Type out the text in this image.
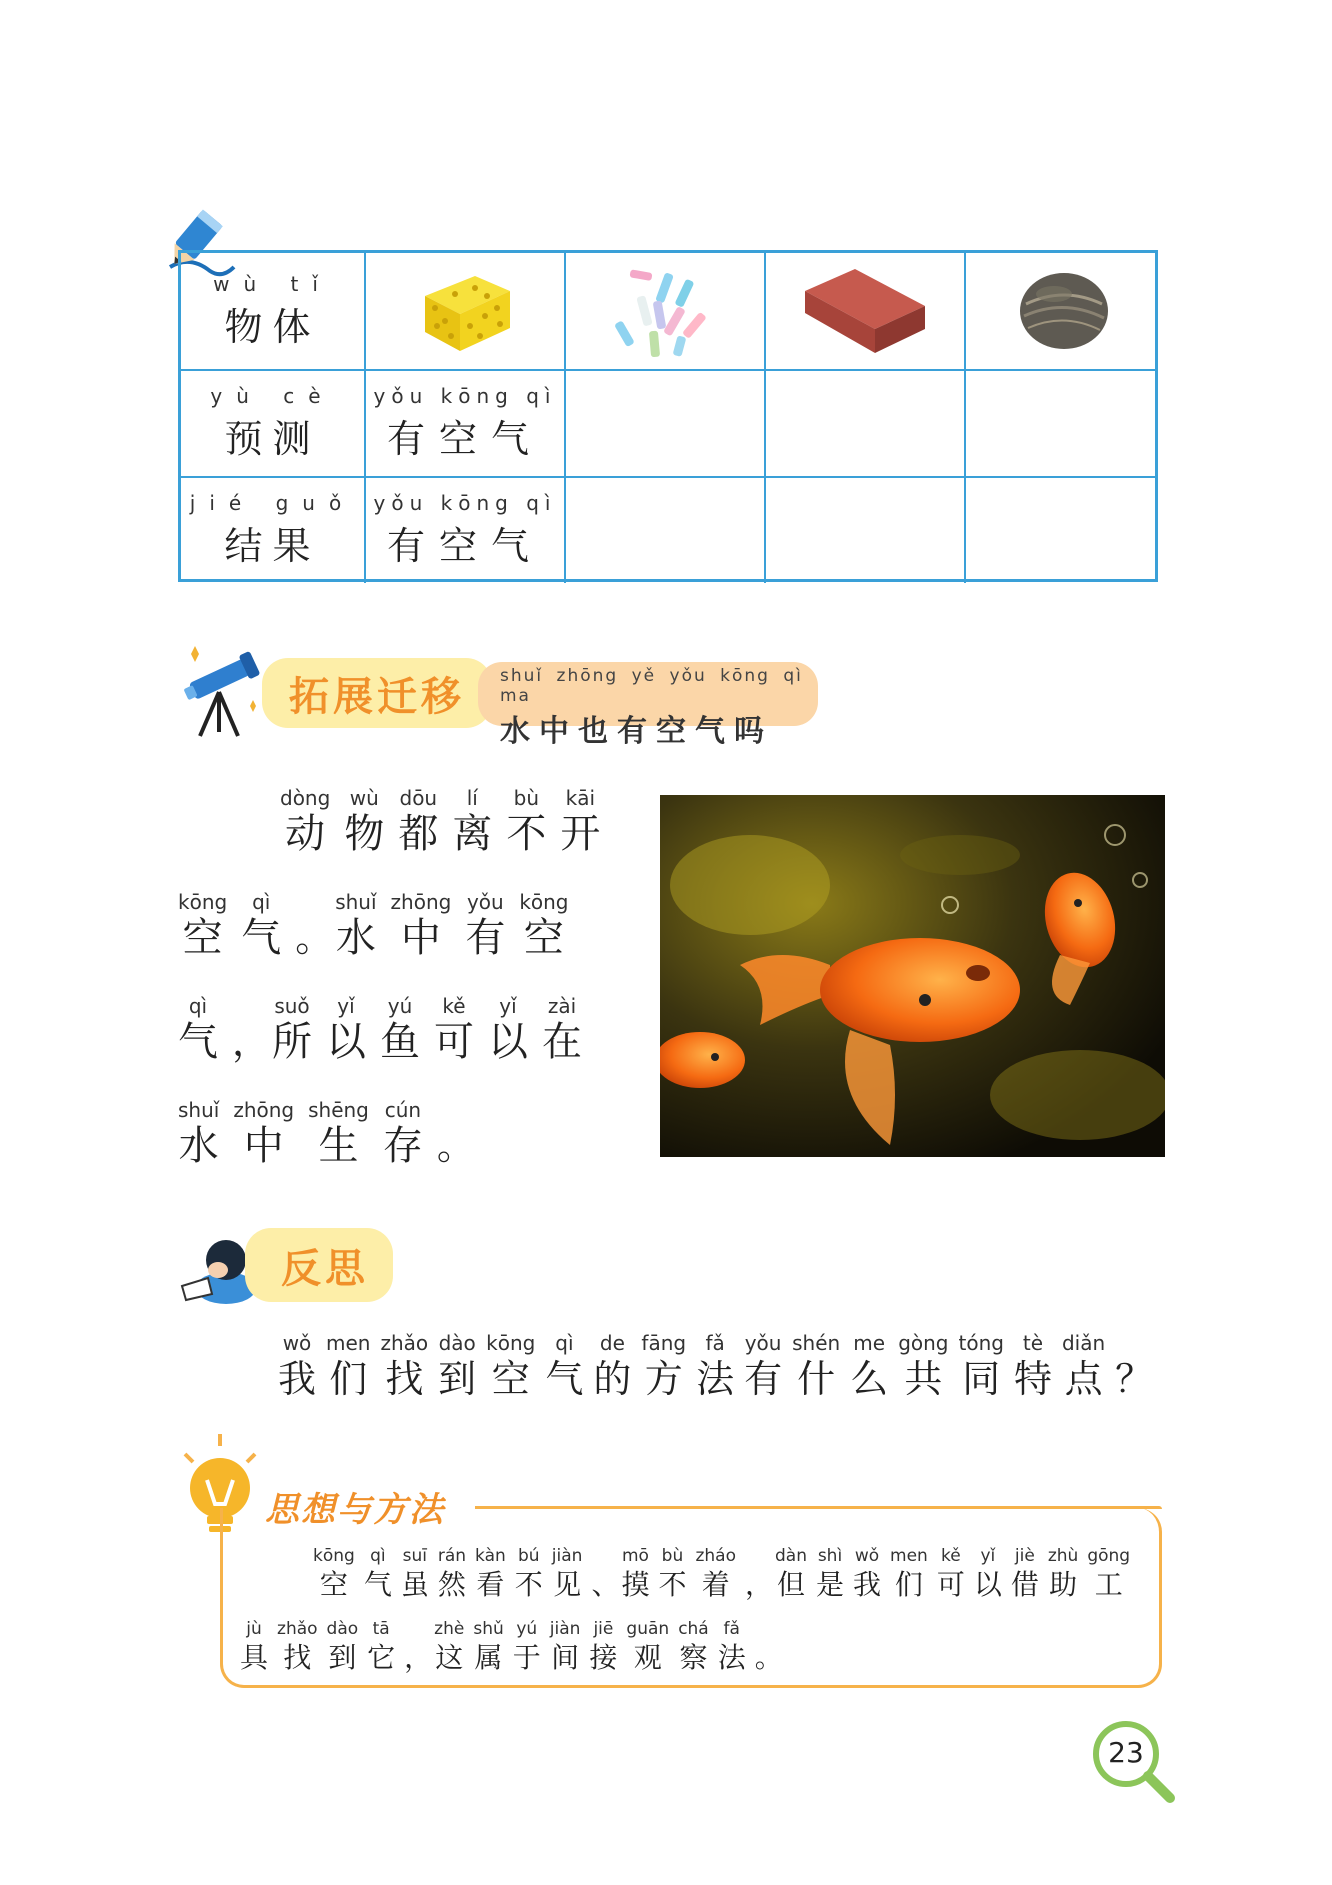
wù tǐ
物体
yù cè
预测
yǒu kōng qì
有空气
jié guǒ
结果
yǒu kōng qì
有空气
拓展迁移 shuǐ zhōng yě yǒu kōng qì ma
水中也有空气吗
dòng
动
wù
物
dōu
都
lí
离
bù
不
kāi
开
kōng
空
qì
气 。
shuǐ
水
zhōng
中
yǒu
有
kōng
空
qì
气 ，
suǒ
所
yǐ
以
yú
鱼
kě
可
yǐ
以
zài
在
shuǐ
水
zhōng
中
shēng
生
cún
存 。
反思
wǒ
我
men
们
zhǎo
找
dào
到
kōng
空
qì
气
de
的
fāng
方
fǎ
法
yǒu
有
shén
什
me
么
gòng
共
tóng
同
tè
特
diǎn
点 ？
思想与方法
kōng
空
qì
气
suī
虽
rán
然
kàn
看
bú
不
jiàn
见 、
mō
摸
bù
不
zháo
着 ，
dàn
但
shì
是
wǒ
我
men
们
kě
可
yǐ
以
jiè
借
zhù
助
gōng
工
jù
具
zhǎo
找
dào
到
tā
它 ，
zhè
这
shǔ
属
yú
于
jiàn
间
jiē
接
guān
观
chá
察
fǎ
法 。
23
